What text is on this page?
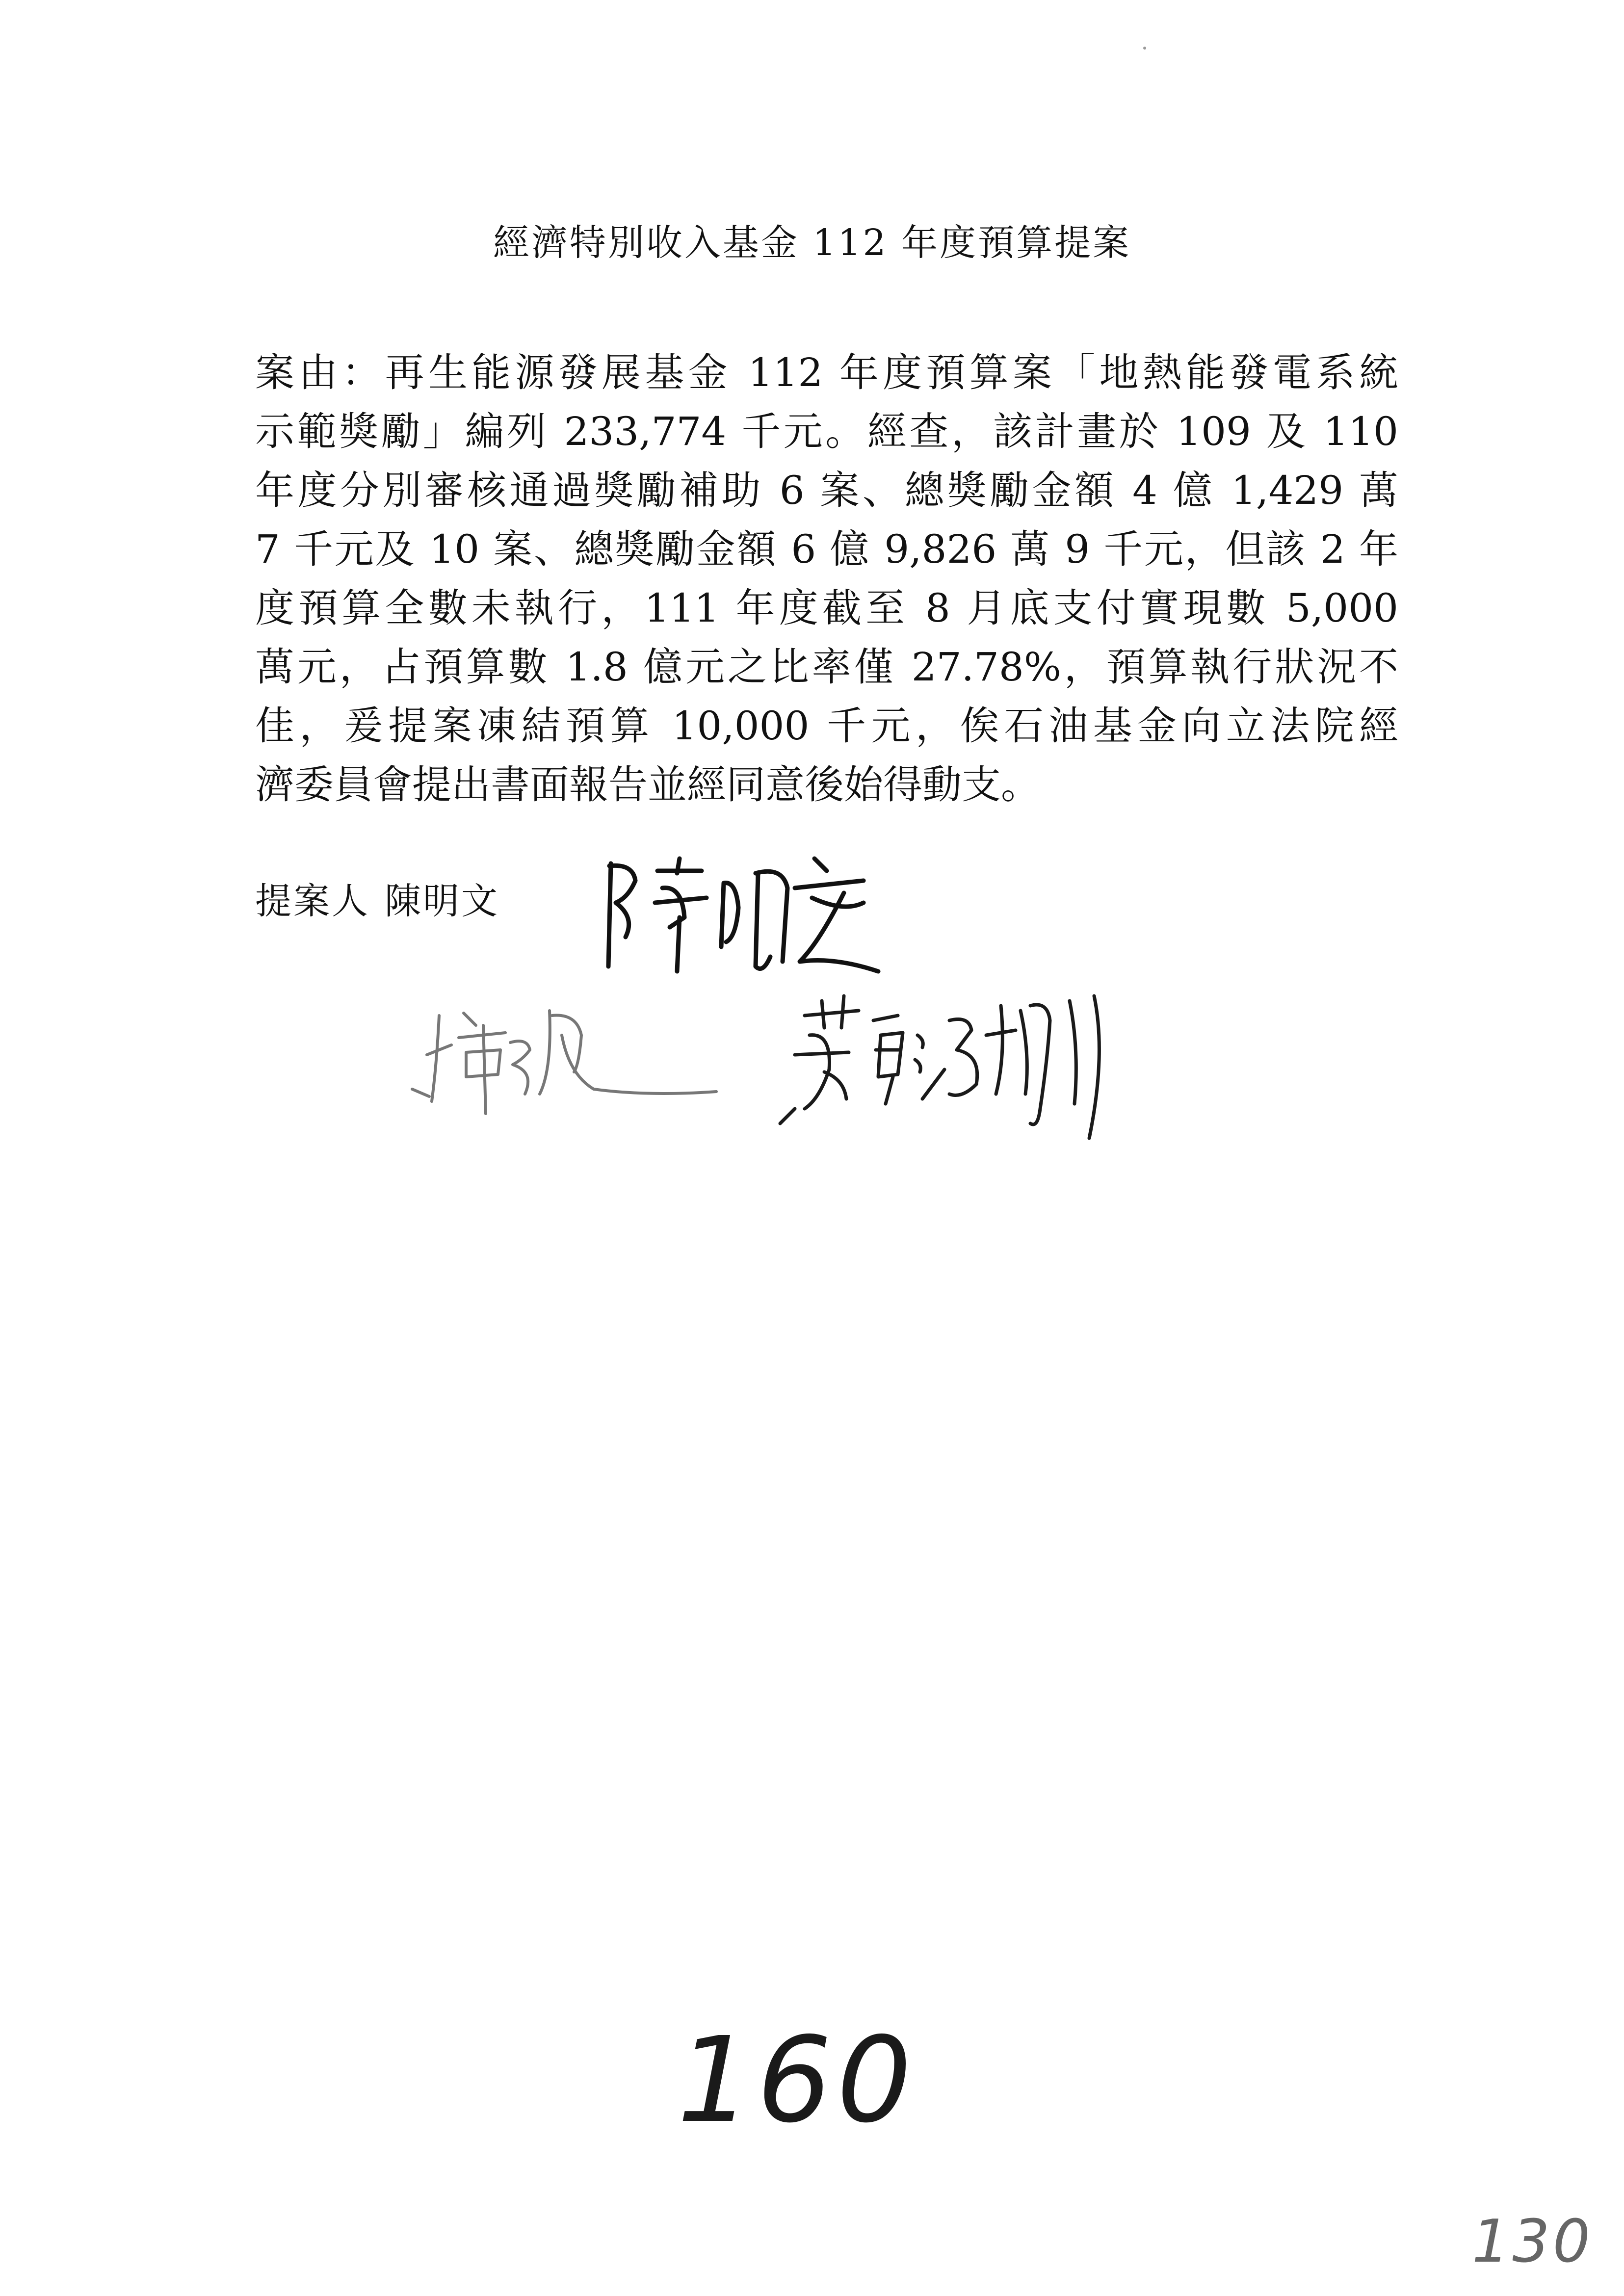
經濟特別收入基金 112 年度預算提案
案由：再生能源發展基金 112 年度預算案「地熱能發電系統
示範獎勵」編列 233,774 千元。經查，該計畫於 109 及 110
年度分別審核通過獎勵補助 6 案、總獎勵金額 4 億 1,429 萬
7 千元及 10 案、總獎勵金額 6 億 9,826 萬 9 千元，但該 2 年
度預算全數未執行，111 年度截至 8 月底支付實現數 5,000
萬元，占預算數 1.8 億元之比率僅 27.78%，預算執行狀況不
佳，爰提案凍結預算 10,000 千元，俟石油基金向立法院經
濟委員會提出書面報告並經同意後始得動支。
提案人 陳明文
160
130
